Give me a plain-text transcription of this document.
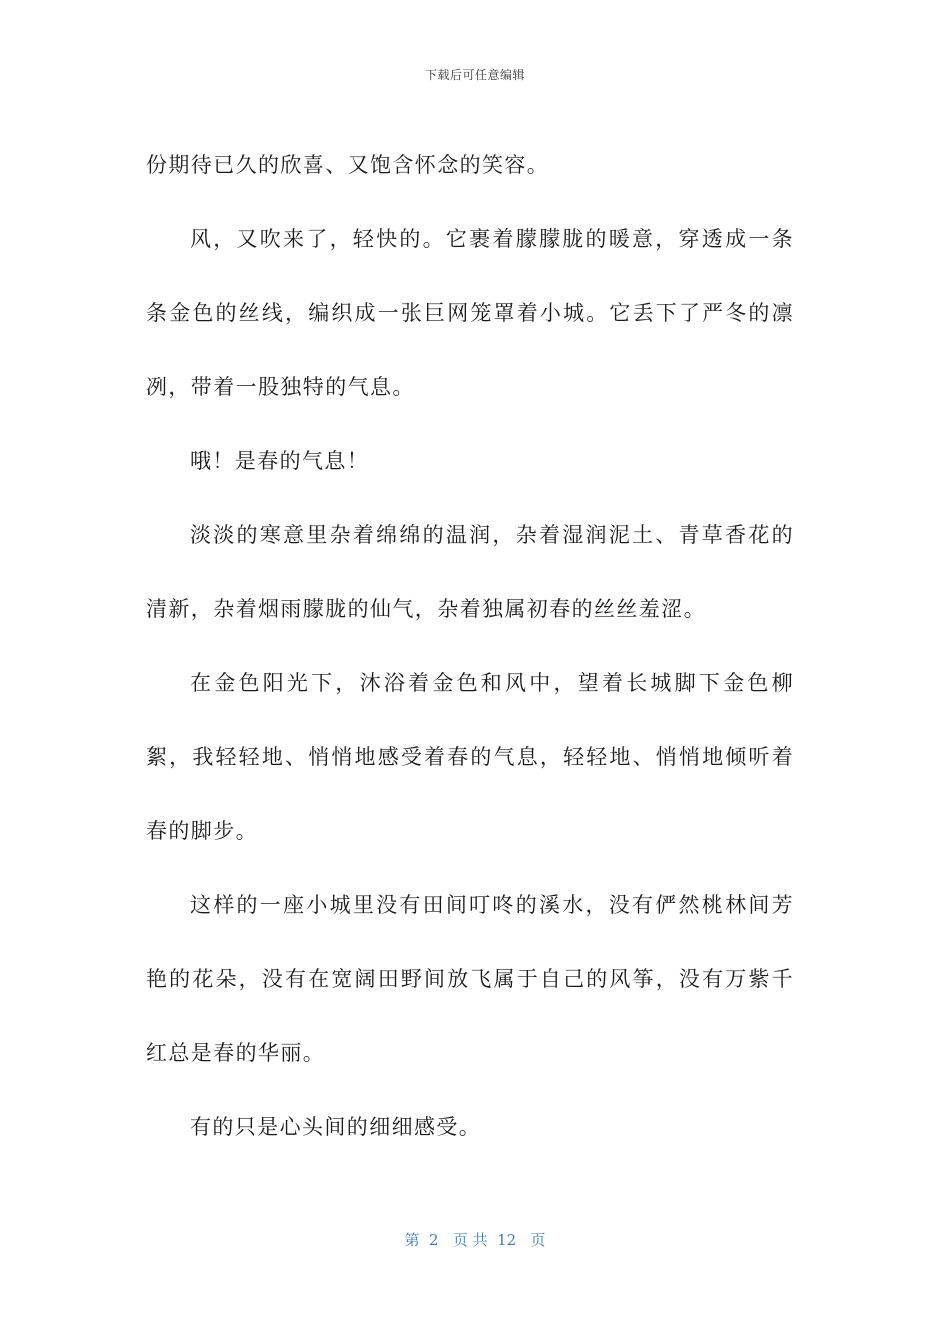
下载后可任意编辑

份期待已久的欣喜、又饱含怀念的笑容。

风，又吹来了，轻快的。它裹着朦朦胧的暖意，穿透成一条条金色的丝线，编织成一张巨网笼罩着小城。它丢下了严冬的凛冽，带着一股独特的气息。

哦！是春的气息！

淡淡的寒意里杂着绵绵的温润，杂着湿润泥土、青草香花的清新，杂着烟雨朦胧的仙气，杂着独属初春的丝丝羞涩。

在金色阳光下，沐浴着金色和风中，望着长城脚下金色柳絮，我轻轻地、悄悄地感受着春的气息，轻轻地、悄悄地倾听着春的脚步。

这样的一座小城里没有田间叮咚的溪水，没有俨然桃林间芳艳的花朵，没有在宽阔田野间放飞属于自己的风筝，没有万紫千红总是春的华丽。

有的只是心头间的细细感受。

第  2   页 共  12   页
